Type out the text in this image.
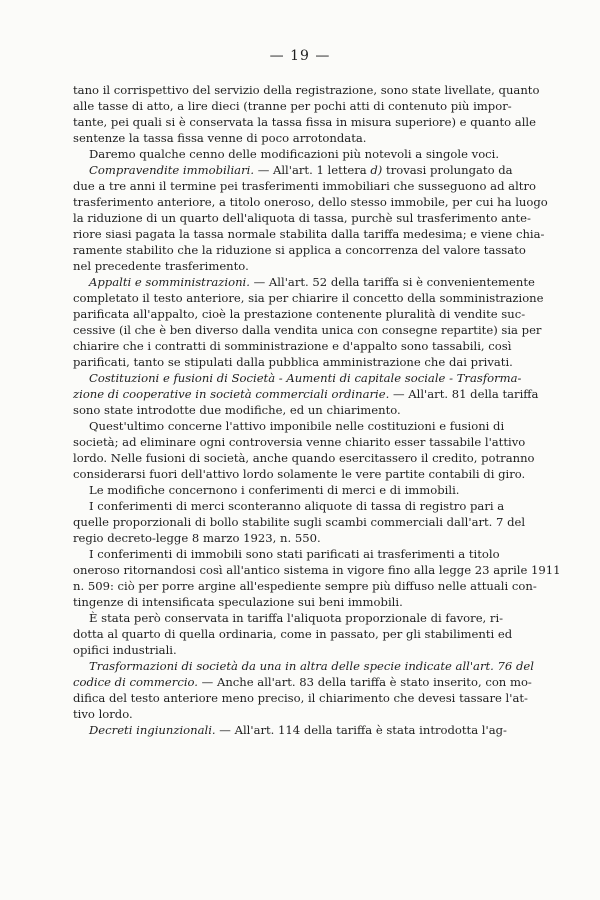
— 19 —
tano il corrispettivo del servizio della registrazione, sono state livellate, quanto
alle tasse di atto, a lire dieci (tranne per pochi atti di contenuto più impor-
tante, pei quali si è conservata la tassa fissa in misura superiore) e quanto alle
sentenze la tassa fissa venne di poco arrotondata.
Daremo qualche cenno delle modificazioni più notevoli a singole voci.
Compravendite immobiliari. — All'art. 1 lettera d) trovasi prolungato da
due a tre anni il termine pei trasferimenti immobiliari che susseguono ad altro
trasferimento anteriore, a titolo oneroso, dello stesso immobile, per cui ha luogo
la riduzione di un quarto dell'aliquota di tassa, purchè sul trasferimento ante-
riore siasi pagata la tassa normale stabilita dalla tariffa medesima; e viene chia-
ramente stabilito che la riduzione si applica a concorrenza del valore tassato
nel precedente trasferimento.
Appalti e somministrazioni. — All'art. 52 della tariffa si è convenientemente
completato il testo anteriore, sia per chiarire il concetto della somministrazione
parificata all'appalto, cioè la prestazione contenente pluralità di vendite suc-
cessive (il che è ben diverso dalla vendita unica con consegne repartite) sia per
chiarire che i contratti di somministrazione e d'appalto sono tassabili, così
parificati, tanto se stipulati dalla pubblica amministrazione che dai privati.
Costituzioni e fusioni di Società - Aumenti di capitale sociale - Trasforma-
zione di cooperative in società commerciali ordinarie. — All'art. 81 della tariffa
sono state introdotte due modifiche, ed un chiarimento.
Quest'ultimo concerne l'attivo imponibile nelle costituzioni e fusioni di
società; ad eliminare ogni controversia venne chiarito esser tassabile l'attivo
lordo. Nelle fusioni di società, anche quando esercitassero il credito, potranno
considerarsi fuori dell'attivo lordo solamente le vere partite contabili di giro.
Le modifiche concernono i conferimenti di merci e di immobili.
I conferimenti di merci sconteranno aliquote di tassa di registro pari a
quelle proporzionali di bollo stabilite sugli scambi commerciali dall'art. 7 del
regio decreto-legge 8 marzo 1923, n. 550.
I conferimenti di immobili sono stati parificati ai trasferimenti a titolo
oneroso ritornandosi così all'antico sistema in vigore fino alla legge 23 aprile 1911
n. 509: ciò per porre argine all'espediente sempre più diffuso nelle attuali con-
tingenze di intensificata speculazione sui beni immobili.
È stata però conservata in tariffa l'aliquota proporzionale di favore, ri-
dotta al quarto di quella ordinaria, come in passato, per gli stabilimenti ed
opifici industriali.
Trasformazioni di società da una in altra delle specie indicate all'art. 76 del
codice di commercio. — Anche all'art. 83 della tariffa è stato inserito, con mo-
difica del testo anteriore meno preciso, il chiarimento che devesi tassare l'at-
tivo lordo.
Decreti ingiunzionali. — All'art. 114 della tariffa è stata introdotta l'ag-
